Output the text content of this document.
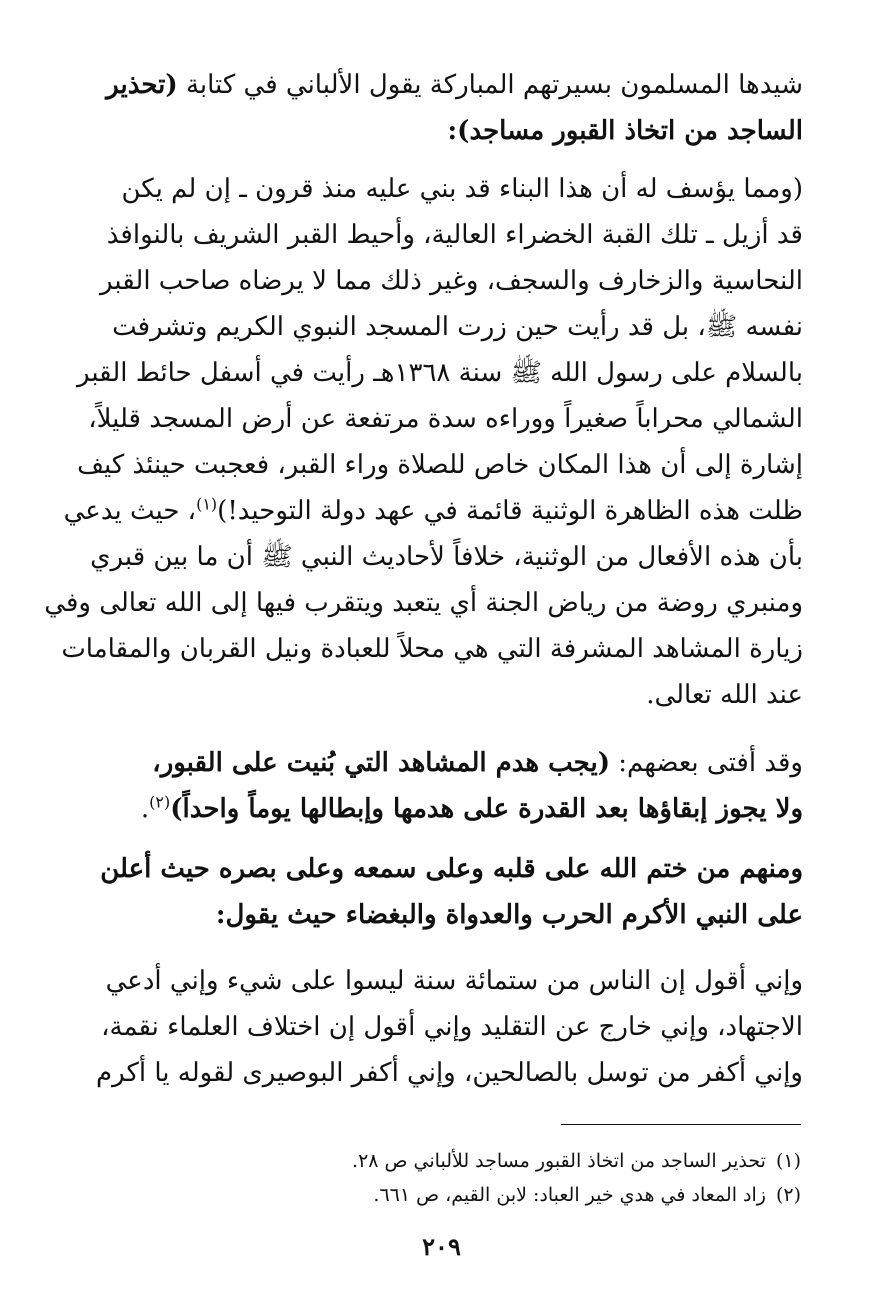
شيدها المسلمون بسيرتهم المباركة يقول الألباني في كتابة (تحذير
الساجد من اتخاذ القبور مساجد):

(ومما يؤسف له أن هذا البناء قد بني عليه منذ قرون ـ إن لم يكن
قد أزيل ـ تلك القبة الخضراء العالية، وأحيط القبر الشريف بالنوافذ
النحاسية والزخارف والسجف، وغير ذلك مما لا يرضاه صاحب القبر
نفسه ﷺ، بل قد رأيت حين زرت المسجد النبوي الكريم وتشرفت
بالسلام على رسول الله ﷺ سنة ١٣٦٨هـ رأيت في أسفل حائط القبر
الشمالي محراباً صغيراً ووراءه سدة مرتفعة عن أرض المسجد قليلاً،
إشارة إلى أن هذا المكان خاص للصلاة وراء القبر، فعجبت حينئذ كيف
ظلت هذه الظاهرة الوثنية قائمة في عهد دولة التوحيد!)$^{(١)}$، حيث يدعي
بأن هذه الأفعال من الوثنية، خلافاً لأحاديث النبي ﷺ أن ما بين قبري
ومنبري روضة من رياض الجنة أي يتعبد ويتقرب فيها إلى الله تعالى وفي
زيارة المشاهد المشرفة التي هي محلاً للعبادة ونيل القربان والمقامات
عند الله تعالى.

وقد أفتى بعضهم: (يجب هدم المشاهد التي بُنيت على القبور،
ولا يجوز إبقاؤها بعد القدرة على هدمها وإبطالها يوماً واحداً)$^{(٢)}$.

ومنهم من ختم الله على قلبه وعلى سمعه وعلى بصره حيث أعلن
على النبي الأكرم الحرب والعدواة والبغضاء حيث يقول:

وإني أقول إن الناس من ستمائة سنة ليسوا على شيء وإني أدعي
الاجتهاد، وإني خارج عن التقليد وإني أقول إن اختلاف العلماء نقمة،
وإني أكفر من توسل بالصالحين، وإني أكفر البوصيرى لقوله يا أكرم

(١)تحذير الساجد من اتخاذ القبور مساجد للألباني ص ٢٨.
(٢)زاد المعاد في هدي خير العباد: لابن القيم، ص ٦٦١.
٢٠٩
